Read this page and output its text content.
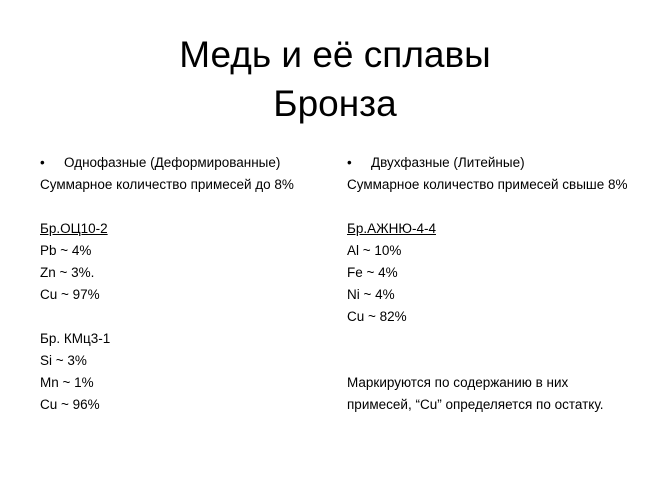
Медь и её сплавы
Бронза
• Однофазные (Деформированные)
Суммарное количество примесей до 8%
Бр.ОЦ10-2
Pb ~ 4%
Zn ~ 3%.
Cu ~ 97%
Бр. КМц3-1
Si ~ 3%
Mn ~ 1%
Cu ~ 96%
• Двухфазные (Литейные)
Суммарное количество примесей свыше 8%
Бр.АЖНЮ-4-4
Al ~ 10%
Fe ~ 4%
Ni ~ 4%
Cu ~ 82%
Маркируются по содержанию в них
примесей, “Cu” определяется по остатку.
